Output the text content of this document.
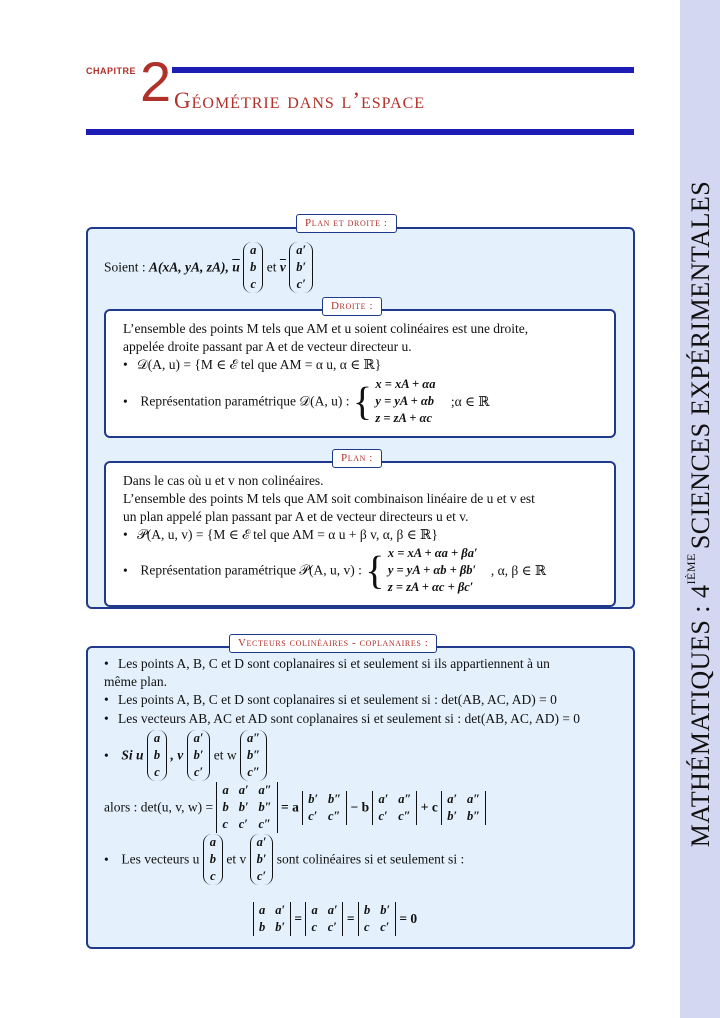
MATHÉMATIQUES : 4IÈMESCIENCES EXPÉRIMENTALES
CHAPITRE 2 Géométrie dans l’espace
Plan et droite :
Soient : A(xA, yA, zA), $\overline{u}$
a
b
c
et $\overline{v}$
a′
b′
c′
Droite :
L’ensemble des points M tels que AM et u soient colinéaires est une droite,
appelée droite passant par A et de vecteur directeur u.
• 𝒟(A, u) = {M ∈ ℰ tel que AM = α u, α ∈ ℝ}
• Représentation paramétrique 𝒟(A, u) : { x = xA + αa
y = yA + αb
z = zA + αc
;α ∈ ℝ
Plan :
Dans le cas où u et v non colinéaires.
L’ensemble des points M tels que AM soit combinaison linéaire de u et v est
un plan appelé plan passant par A et de vecteur directeurs u et v.
• 𝒫(A, u, v) = {M ∈ ℰ tel que AM = α u + β v, α, β ∈ ℝ}
• Représentation paramétrique 𝒫(A, u, v) : { x = xA + αa + βa′
y = yA + αb + βb′
z = zA + αc + βc′
, α, β ∈ ℝ
Vecteurs colinéaires - coplanaires :
• Les points A, B, C et D sont coplanaires si et seulement si ils appartiennent à un
même plan.
• Les points A, B, C et D sont coplanaires si et seulement si : det(AB, AC, AD) = 0
• Les vecteurs AB, AC et AD sont coplanaires si et seulement si : det(AB, AC, AD) = 0
• Si u
a
b
c
, v
a′
b′
c′
et w
a″
b″
c″
alors : det(u, v, w) =
a a′ a″
b b′ b″
c c′ c″
= a
b′ b″
c′ c″
− b
a′ a″
c′ c″
+ c
a′ a″
b′ b″
• Les vecteurs u
a
b
c
et v
a′
b′
c′
sont colinéaires si et seulement si :
a a′
b b′
=
a a′
c c′
=
b b′
c c′
= 0
